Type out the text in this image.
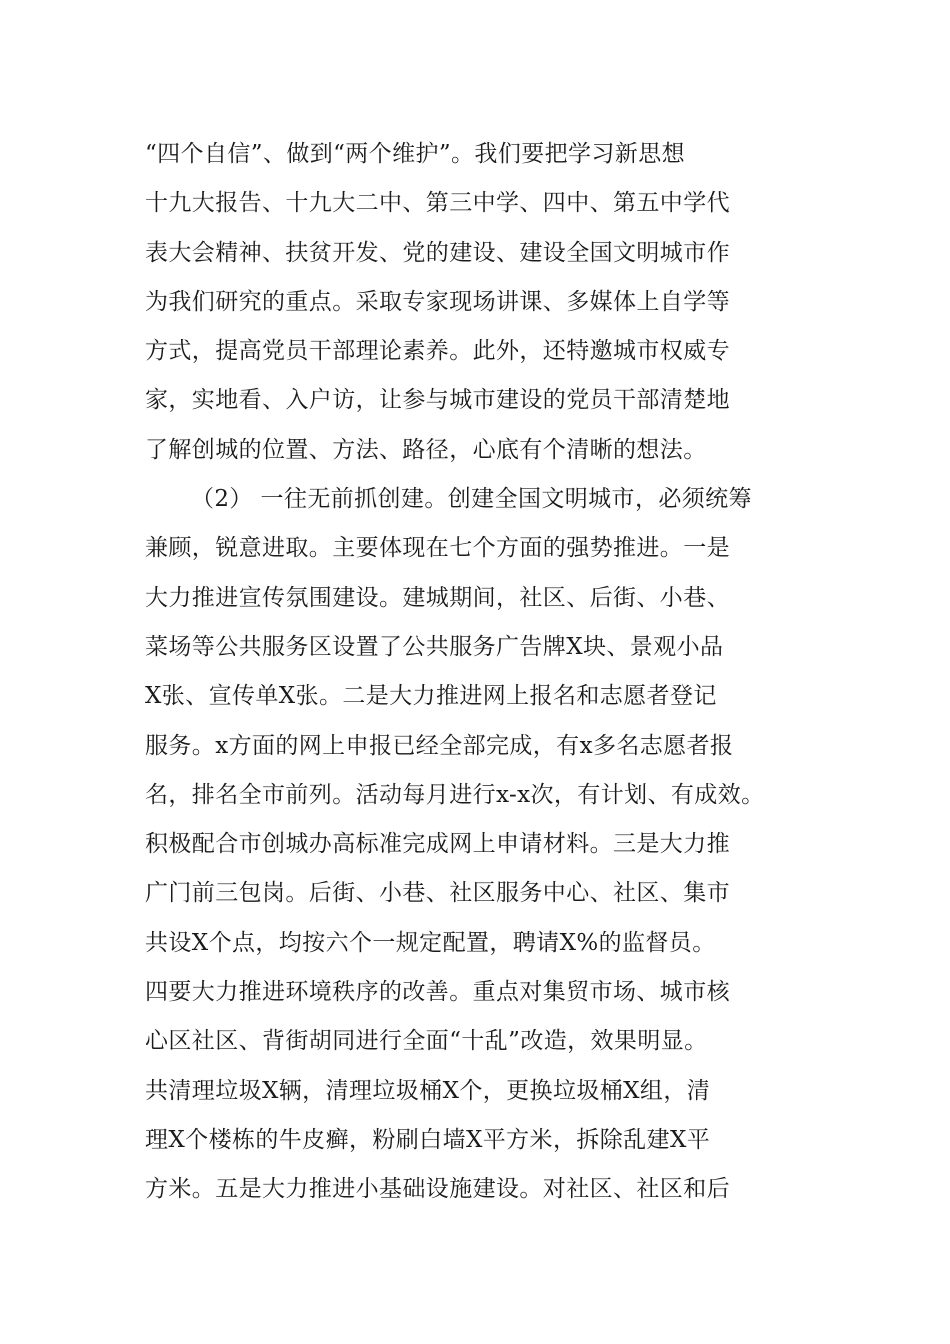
“四个自信”、做到“两个维护”。我们要把学习新思想
十九大报告、十九大二中、第三中学、四中、第五中学代
表大会精神、扶贫开发、党的建设、建设全国文明城市作
为我们研究的重点。采取专家现场讲课、多媒体上自学等
方式，提高党员干部理论素养。此外，还特邀城市权威专
家，实地看、入户访，让参与城市建设的党员干部清楚地
了解创城的位置、方法、路径，心底有个清晰的想法。
（2） 一往无前抓创建。创建全国文明城市，必须统筹
兼顾，锐意进取。主要体现在七个方面的强势推进。一是
大力推进宣传氛围建设。建城期间，社区、后街、小巷、
菜场等公共服务区设置了公共服务广告牌X块、景观小品
X张、宣传单X张。二是大力推进网上报名和志愿者登记
服务。x方面的网上申报已经全部完成，有x多名志愿者报
名，排名全市前列。活动每月进行x-x次，有计划、有成效。
积极配合市创城办高标准完成网上申请材料。三是大力推
广门前三包岗。后街、小巷、社区服务中心、社区、集市
共设X个点，均按六个一规定配置，聘请X%的监督员。
四要大力推进环境秩序的改善。重点对集贸市场、城市核
心区社区、背街胡同进行全面“十乱”改造，效果明显。
共清理垃圾X辆，清理垃圾桶X个，更换垃圾桶X组，清
理X个楼栋的牛皮癣，粉刷白墙X平方米，拆除乱建X平
方米。五是大力推进小基础设施建设。对社区、社区和后
